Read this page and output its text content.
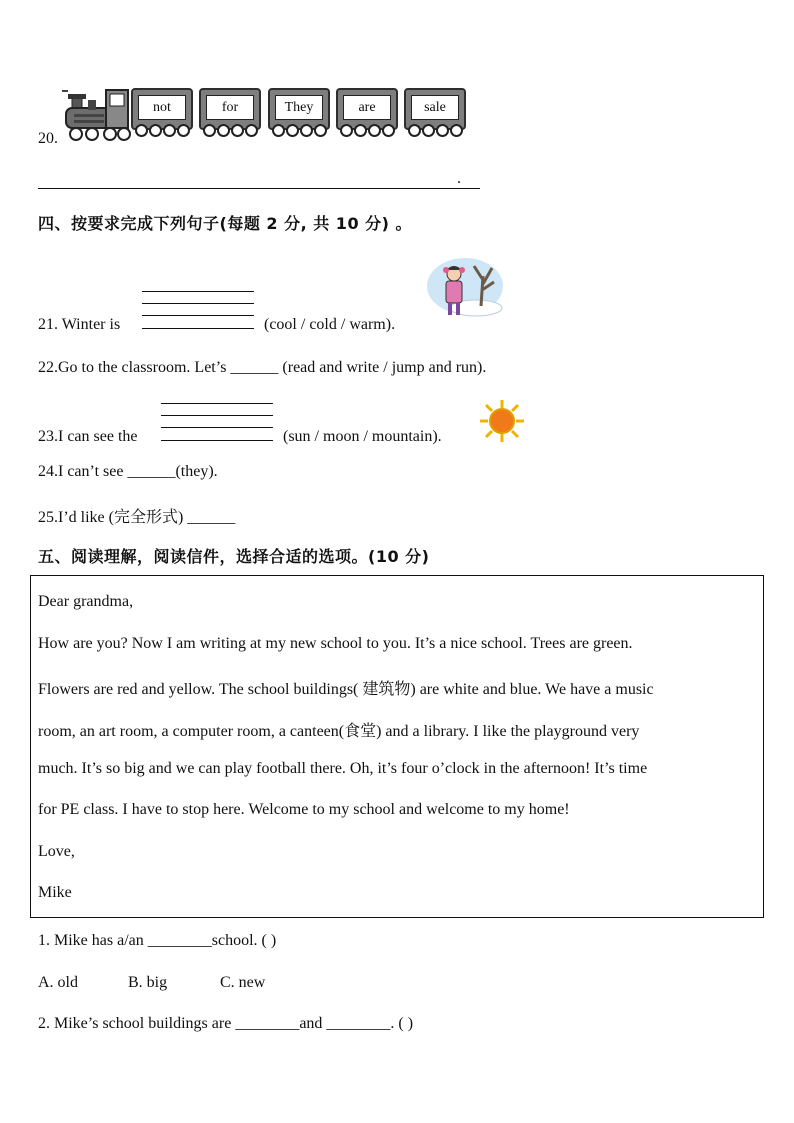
20.
not	for	They	are	sale
.
四、按要求完成下列句子(每题 2 分, 共 10 分) 。
21. Winter is	(cool / cold / warm).
22.Go to the classroom. Let’s ______ (read and write / jump and run).
23.I can see the	(sun / moon / mountain).
24.I can’t see ______(they).
25.I’d like (完全形式) ______
五、阅读理解，阅读信件，选择合适的选项。(10 分)
Dear grandma,
How are you? Now I am writing at my new school to you. It’s a nice school. Trees are green.
Flowers are red and yellow. The school buildings( 建筑物) are white and blue. We have a music
room, an art room, a computer room, a canteen(食堂) and a library. I like the playground very
much. It’s so big and we can play football there. Oh, it’s four o’clock in the afternoon! It’s time
for PE class. I have to stop here. Welcome to my school and welcome to my home!
Love,
Mike
1. Mike has a/an ________school. ( )
A. old	B. big	C. new
2. Mike’s school buildings are ________and ________. ( )
